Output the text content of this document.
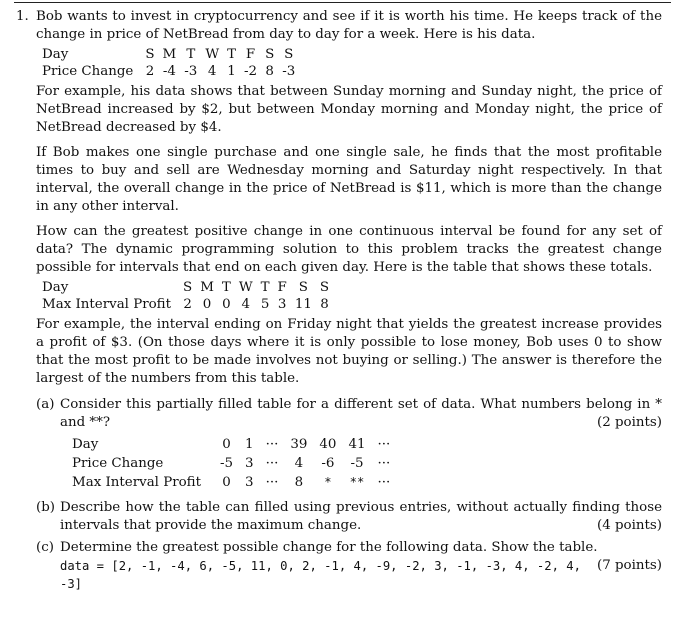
1. Bob wants to invest in cryptocurrency and see if it is worth his time. He keeps track of the change in price of NetBread from day to day for a week. Here is his data.

Day	S	M	T	W	T	F	S	S
Price Change	2	-4	-3	4	1	-2	8	-3

For example, his data shows that between Sunday morning and Sunday night, the price of NetBread increased by $2, but between Monday morning and Monday night, the price of NetBread decreased by $4.

If Bob makes one single purchase and one single sale, he finds that the most profitable times to buy and sell are Wednesday morning and Saturday night respectively. In that interval, the overall change in the price of NetBread is $11, which is more than the change in any other interval.

How can the greatest positive change in one continuous interval be found for any set of data? The dynamic programming solution to this problem tracks the greatest change possible for intervals that end on each given day. Here is the table that shows these totals.

Day	S	M	T	W	T	F	S	S
Max Interval Profit	2	0	0	4	5	3	11	8

For example, the interval ending on Friday night that yields the greatest increase provides a profit of $3. (On those days where it is only possible to lose money, Bob uses 0 to show that the most profit to be made involves not buying or selling.) The answer is therefore the largest of the numbers from this table.

(a) Consider this partially filled table for a different set of data. What numbers belong in * and **?	(2 points)

Day	0	1	···	39	40	41	···
Price Change	-5	3	···	4	-6	-5	···
Max Interval Profit	0	3	···	8	*	**	···
(b) Describe how the table can filled using previous entries, without actually finding those intervals that provide the maximum change.	(4 points)

(c) Determine the greatest possible change for the following data. Show the table.
(7 points)

data = [2, -1, -4, 6, -5, 11, 0, 2, -1, 4, -9, -2, 3, -1, -3, 4, -2, 4, -3]
